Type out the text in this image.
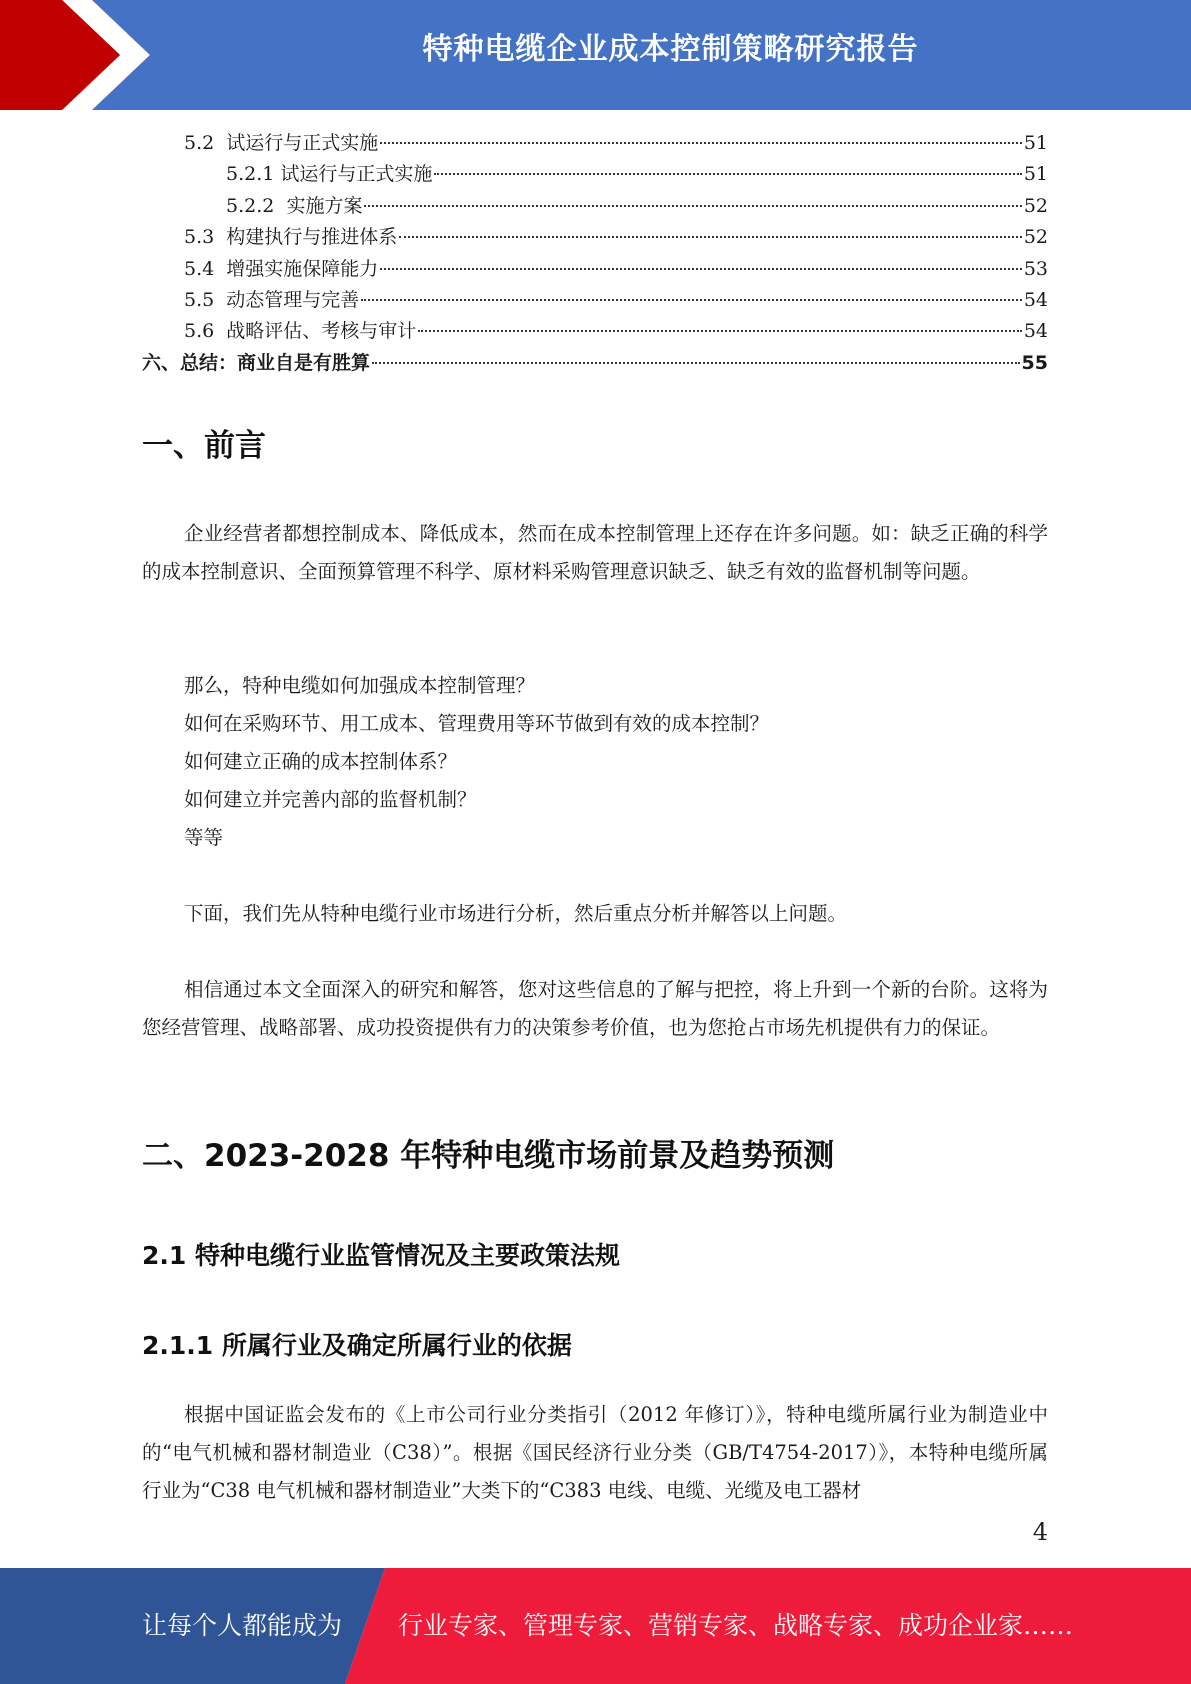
特种电缆企业成本控制策略研究报告
5.2 试运行与正式实施	51
5.2.1 试运行与正式实施	51
5.2.2 实施方案	52
5.3 构建执行与推进体系	52
5.4 增强实施保障能力	53
5.5 动态管理与完善	54
5.6 战略评估、考核与审计	54
六、总结：商业自是有胜算	55
一、前言
企业经营者都想控制成本、降低成本，然而在成本控制管理上还存在许多问题。如：缺乏正确的科学的成本控制意识、全面预算管理不科学、原材料采购管理意识缺乏、缺乏有效的监督机制等问题。
那么，特种电缆如何加强成本控制管理？
如何在采购环节、用工成本、管理费用等环节做到有效的成本控制？
如何建立正确的成本控制体系？
如何建立并完善内部的监督机制？
等等
下面，我们先从特种电缆行业市场进行分析，然后重点分析并解答以上问题。
相信通过本文全面深入的研究和解答，您对这些信息的了解与把控，将上升到一个新的台阶。这将为您经营管理、战略部署、成功投资提供有力的决策参考价值，也为您抢占市场先机提供有力的保证。
二、2023-2028 年特种电缆市场前景及趋势预测
2.1 特种电缆行业监管情况及主要政策法规
2.1.1 所属行业及确定所属行业的依据
根据中国证监会发布的《上市公司行业分类指引（2012 年修订）》，特种电缆所属行业为制造业中的“电气机械和器材制造业（C38）”。根据《国民经济行业分类（GB/T4754-2017）》，本特种电缆所属行业为“C38 电气机械和器材制造业”大类下的“C383 电线、电缆、光缆及电工器材
4
让每个人都能成为 行业专家、管理专家、营销专家、战略专家、成功企业家……
